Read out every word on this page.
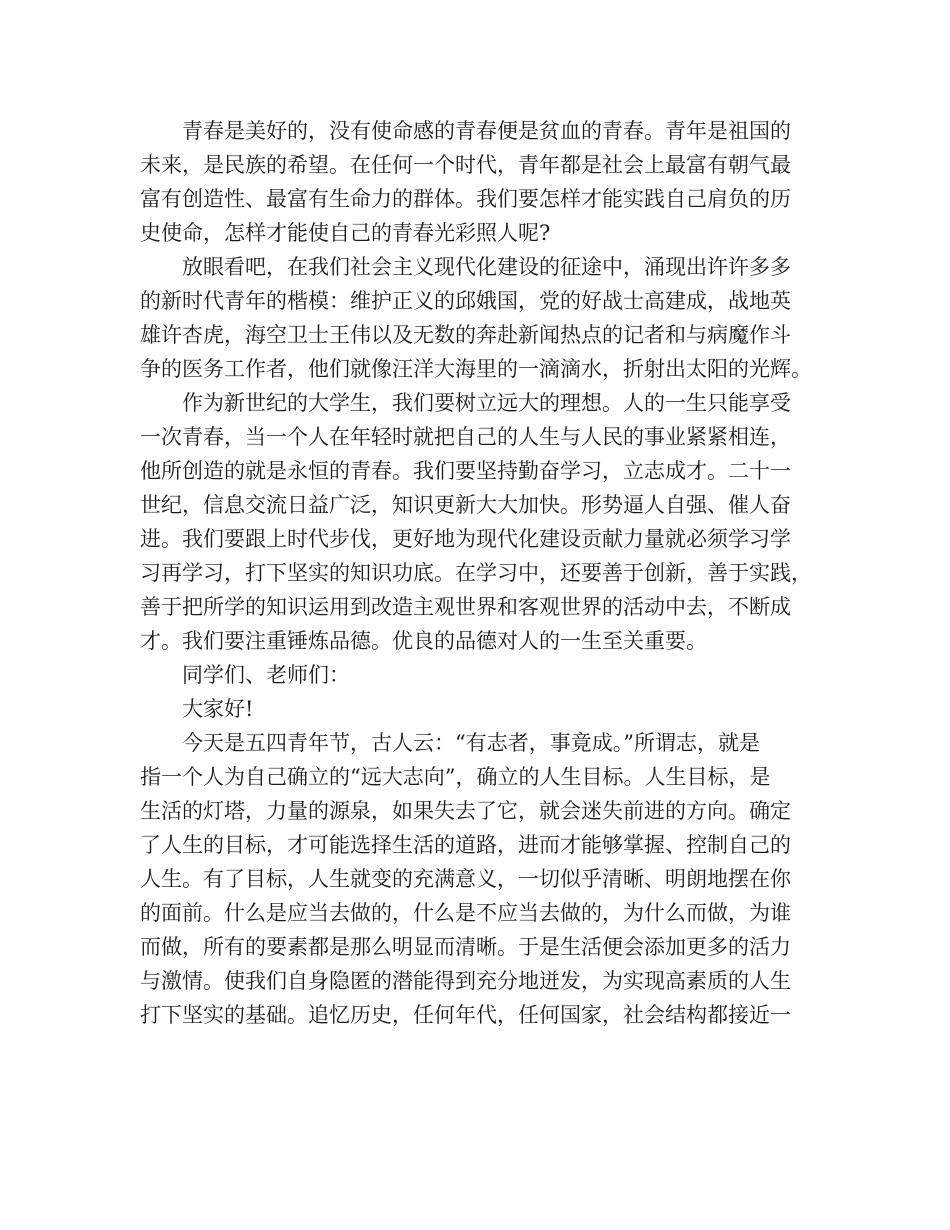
青春是美好的，没有使命感的青春便是贫血的青春。青年是祖国的
未来，是民族的希望。在任何一个时代，青年都是社会上最富有朝气最
富有创造性、最富有生命力的群体。我们要怎样才能实践自己肩负的历
史使命，怎样才能使自己的青春光彩照人呢?
放眼看吧，在我们社会主义现代化建设的征途中，涌现出许许多多
的新时代青年的楷模：维护正义的邱娥国，党的好战士高建成，战地英
雄许杏虎，海空卫士王伟以及无数的奔赴新闻热点的记者和与病魔作斗
争的医务工作者，他们就像汪洋大海里的一滴滴水，折射出太阳的光辉。
作为新世纪的大学生，我们要树立远大的理想。人的一生只能享受
一次青春，当一个人在年轻时就把自己的人生与人民的事业紧紧相连，
他所创造的就是永恒的青春。我们要坚持勤奋学习，立志成才。二十一
世纪，信息交流日益广泛，知识更新大大加快。形势逼人自强、催人奋
进。我们要跟上时代步伐，更好地为现代化建设贡献力量就必须学习学
习再学习，打下坚实的知识功底。在学习中，还要善于创新，善于实践，
善于把所学的知识运用到改造主观世界和客观世界的活动中去，不断成
才。我们要注重锤炼品德。优良的品德对人的一生至关重要。
同学们、老师们：
大家好!
今天是五四青年节，古人云：“有志者，事竟成。”所谓志，就是
指一个人为自己确立的“远大志向”，确立的人生目标。人生目标，是
生活的灯塔，力量的源泉，如果失去了它，就会迷失前进的方向。确定
了人生的目标，才可能选择生活的道路，进而才能够掌握、控制自己的
人生。有了目标，人生就变的充满意义，一切似乎清晰、明朗地摆在你
的面前。什么是应当去做的，什么是不应当去做的，为什么而做，为谁
而做，所有的要素都是那么明显而清晰。于是生活便会添加更多的活力
与激情。使我们自身隐匿的潜能得到充分地迸发，为实现高素质的人生
打下坚实的基础。追忆历史，任何年代，任何国家，社会结构都接近一
